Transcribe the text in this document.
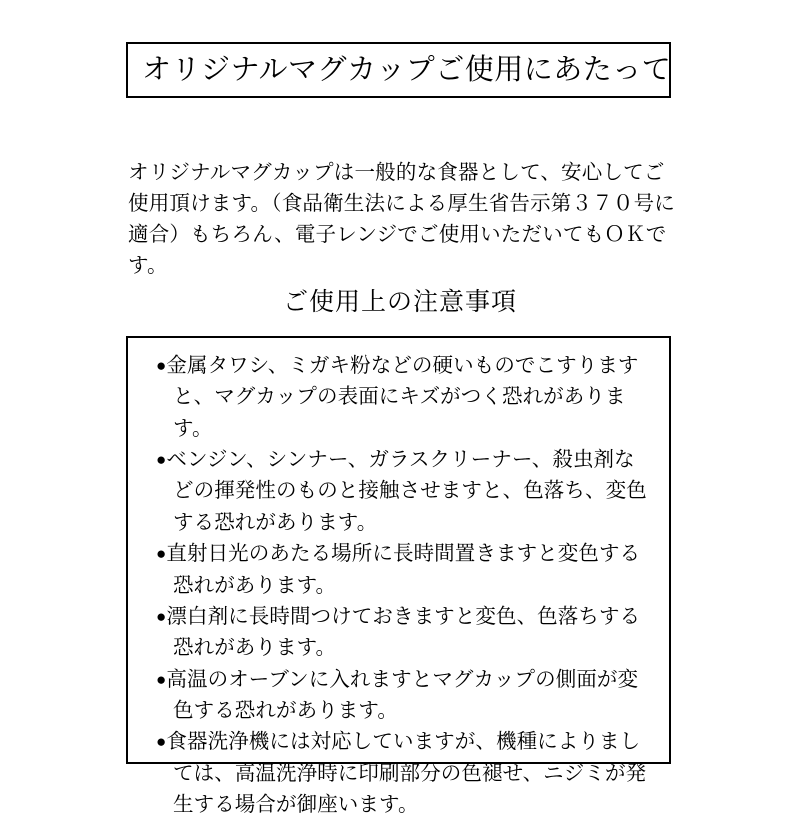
オリジナルマグカップご使用にあたって

オリジナルマグカップは一般的な食器として、安心してご使用頂けます。（食品衛生法による厚生省告示第３７０号に適合）もちろん、電子レンジでご使用いただいてもＯＫです。

ご使用上の注意事項
●金属タワシ、ミガキ粉などの硬いものでこすりますと、マグカップの表面にキズがつく恐れがあります。
●ベンジン、シンナー、ガラスクリーナー、殺虫剤などの揮発性のものと接触させますと、色落ち、変色する恐れがあります。
●直射日光のあたる場所に長時間置きますと変色する恐れがあります。
●漂白剤に長時間つけておきますと変色、色落ちする恐れがあります。
●高温のオーブンに入れますとマグカップの側面が変色する恐れがあります。
●食器洗浄機には対応していますが、機種によりましては、高温洗浄時に印刷部分の色褪せ、ニジミが発生する場合が御座います。
